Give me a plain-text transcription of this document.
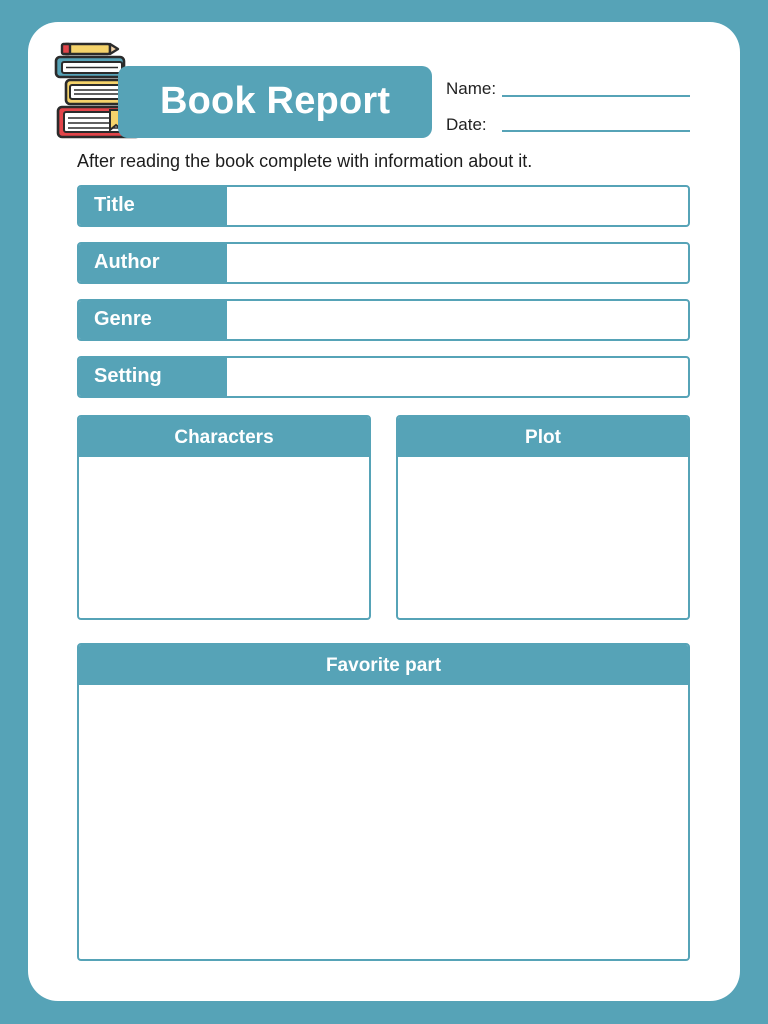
Book Report	Name:
Date:
After reading the book complete with information about it.
Title
Author
Genre
Setting
Characters	Plot
Favorite part
